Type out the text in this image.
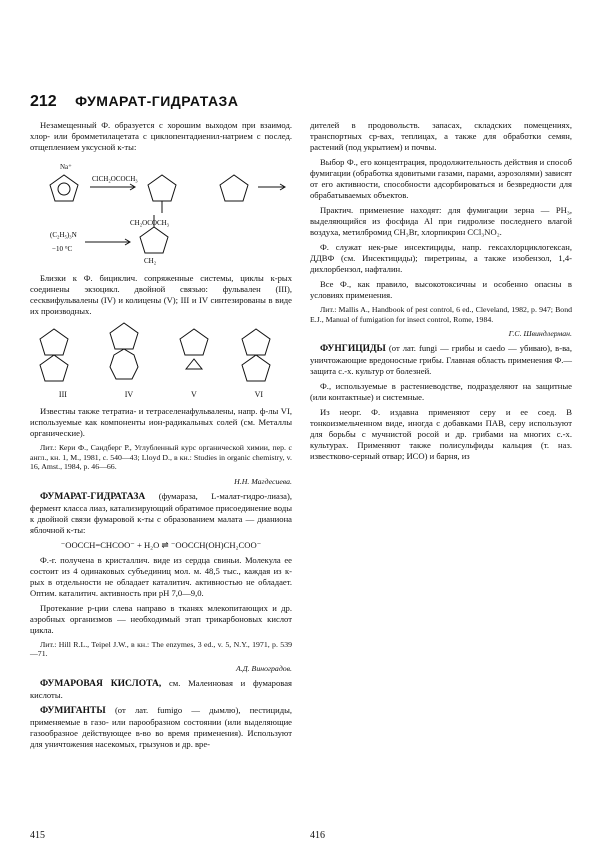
212 ФУМАРАТ-ГИДРАТАЗА

Незамещенный Ф. образуется с хорошим выходом при взаимод. хлор- или бромметилацетата с циклопентадиенил-натрием с послед. отщеплением уксусной к-ты:

Na⁺
ClCH₂OCOCH₃
CH₂OCOCH₃
(C₂H₅)₃N
−10 °C
CH₂

Близки к Ф. бициклич. сопряженные системы, циклы к-рых соединены экзоцикл. двойной связью: фульвален (III), сесквифульвалены (IV) и колицены (V); III и IV синтезированы в виде их производных.

III	IV	V	VI

Известны также тетратиа- и тетраселенафульвалены, напр. ф-лы VI, используемые как компоненты ион-радикальных солей (см. Металлы органические).

Лит.: Кери Ф., Сандберг Р., Углубленный курс органической химии, пер. с англ., кн. 1, М., 1981, с. 540—43; Lloyd D., в кн.: Studies in organic chemistry, v. 16, Amst., 1984, p. 46—66.

Н.Н. Магдесиева.

ФУМАРАТ-ГИДРАТАЗА (фумараза, L-малат-гидро-лиаза), фермент класса лиаз, катализирующий обратимое присоединение воды к двойной связи фумаровой к-ты с образованием малата — дианиона яблочной к-ты:

⁻OOCCH=CHCOO⁻ + H₂O ⇌ ⁻OOCCH(OH)CH₂COO⁻

Ф.-г. получена в кристаллич. виде из сердца свиньи. Молекула ее состоит из 4 одинаковых субъединиц мол. м. 48,5 тыс., каждая из к-рых в отдельности не обладает каталитич. активностью не обладает. Оптим. каталитич. активность при pH 7,0—9,0.

Протекание р-ции слева направо в тканях млекопитающих и др. аэробных организмов — необходимый этап трикарбоновых кислот цикла.

Лит.: Hill R.L., Teipel J.W., в кн.: The enzymes, 3 ed., v. 5, N.Y., 1971, p. 539—71.

А.Д. Виноградов.

ФУМАРОВАЯ КИСЛОТА, см. Малеиновая и фумаровая кислоты.

ФУМИГАНТЫ (от лат. fumigo — дымлю), пестициды, применяемые в газо- или парообразном состоянии (или выделяющие газообразное действующее в-во во время применения). Используют для уничтожения насекомых, грызунов и др. вре-

дителей в продовольств. запасах, складских помещениях, транспортных ср-вах, теплицах, а также для обработки семян, растений (под укрытием) и почвы.

Выбор Ф., его концентрация, продолжительность действия и способ фумигации (обработка ядовитыми газами, парами, аэрозолями) зависят от его активности, способности адсорбироваться и безвредности для обрабатываемых объектов.

Практич. применение находят: для фумигации зерна — PH₃, выделяющийся из фосфида Al при гидролизе последнего влагой воздуха, метилбромид CH₃Br, хлорпикрин CCl₃NO₂.

Ф. служат нек-рые инсектициды, напр. гексахлорциклогексан, ДДВФ (см. Инсектициды); пиретрины, а также изобензол, 1,4-дихлорбензол, нафталин.

Все Ф., как правило, высокотоксичны и особенно опасны в условиях применения.

Лит.: Mallis A., Handbook of pest control, 6 ed., Cleveland, 1982, p. 947; Bond E.J., Manual of fumigation for insect control, Rome, 1984.

Г.С. Швиндлерман.

ФУНГИЦИДЫ (от лат. fungi — грибы и caedo — убиваю), в-ва, уничтожающие вредоносные грибы. Главная область применения Ф.— защита с.-х. культур от болезней.

Ф., используемые в растениеводстве, подразделяют на защитные (или контактные) и системные.

Из неорг. Ф. издавна применяют серу и ее соед. В тонкоизмельченном виде, иногда с добавками ПАВ, серу используют для борьбы с мучнистой росой и др. грибами на многих с.-х. культурах. Применяют также полисульфиды кальция (т. наз. известково-серный отвар; ИСО) и барня, из

415	416
